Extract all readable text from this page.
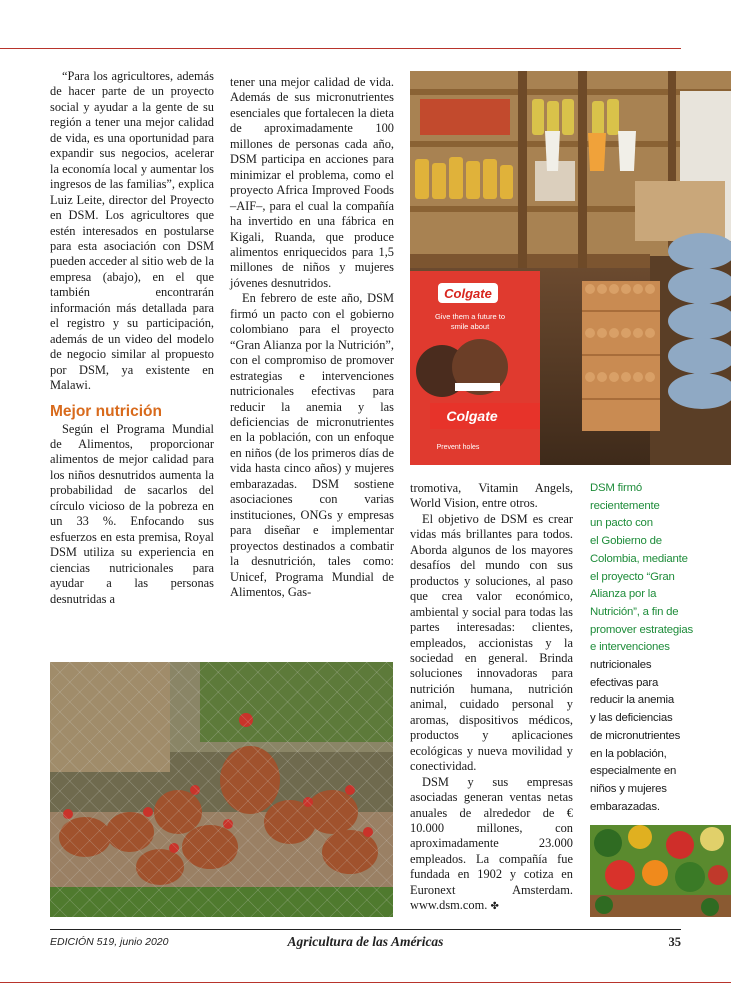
“Para los agricultores, además de hacer parte de un proyecto social y ayudar a la gente de su región a tener una mejor calidad de vida, es una oportunidad para expandir sus negocios, acelerar la economía local y aumentar los ingresos de las familias”, explica Luiz Leite, director del Proyecto en DSM. Los agricultores que estén interesados en postularse para esta asociación con DSM pueden acceder al sitio web de la empresa (abajo), en el que también encontrarán información más detallada para el registro y su participación, además de un video del modelo de negocio similar al propuesto por DSM, ya existente en Malawi.

Mejor nutrición

Según el Programa Mundial de Alimentos, proporcionar alimentos de mejor calidad para los niños desnutridos aumenta la probabilidad de sacarlos del círculo vicioso de la pobreza en un 33 %. Enfocando sus esfuerzos en esta premisa, Royal DSM utiliza su experiencia en ciencias nutricionales para ayudar a las personas desnutridas a

tener una mejor calidad de vida. Además de sus micronutrientes esenciales que fortalecen la dieta de aproximadamente 100 millones de personas cada año, DSM participa en acciones para minimizar el problema, como el proyecto Africa Improved Foods –AIF–, para el cual la compañía ha invertido en una fábrica en Kigali, Ruanda, que produce alimentos enriquecidos para 1,5 millones de niños y mujeres jóvenes desnutridos.

En febrero de este año, DSM firmó un pacto con el gobierno colombiano para el proyecto “Gran Alianza por la Nutrición”, con el compromiso de promover estrategias e intervenciones nutricionales efectivas para reducir la anemia y las deficiencias de micronutrientes en la población, con un enfoque en niños (de los primeros días de vida hasta cinco años) y mujeres embarazadas. DSM sostiene asociaciones con varias instituciones, ONGs y empresas para diseñar e implementar proyectos destinados a combatir la desnutrición, tales como: Unicef, Programa Mundial de Alimentos, Gas-

tromotiva, Vitamin Angels, World Vision, entre otros.

El objetivo de DSM es crear vidas más brillantes para todos. Aborda algunos de los mayores desafíos del mundo con sus productos y soluciones, al paso que crea valor económico, ambiental y social para todas las partes interesadas: clientes, empleados, accionistas y la sociedad en general. Brinda soluciones innovadoras para nutrición humana, nutrición animal, cuidado personal y aromas, dispositivos médicos, productos y aplicaciones ecológicas y nueva movilidad y conectividad.

DSM y sus empresas asociadas generan ventas netas anuales de alrededor de € 10.000 millones, con aproximadamente 23.000 empleados. La compañía fue fundada en 1902 y cotiza en Euronext Amsterdam. www.dsm.com. ✤

Colgate
Give them a future to
smile about
Colgate
Prevent holes
DSM firmó
recientemente
un pacto con
el Gobierno de
Colombia, mediante
el proyecto “Gran
Alianza por la
Nutrición”, a fin de
promover estrategias
e intervenciones
nutricionales
efectivas para
reducir la anemia
y las deficiencias
de micronutrientes
en la población,
especialmente en
niños y mujeres
embarazadas.
EDICIÓN 519, junio 2020	Agricultura de las Américas	35
